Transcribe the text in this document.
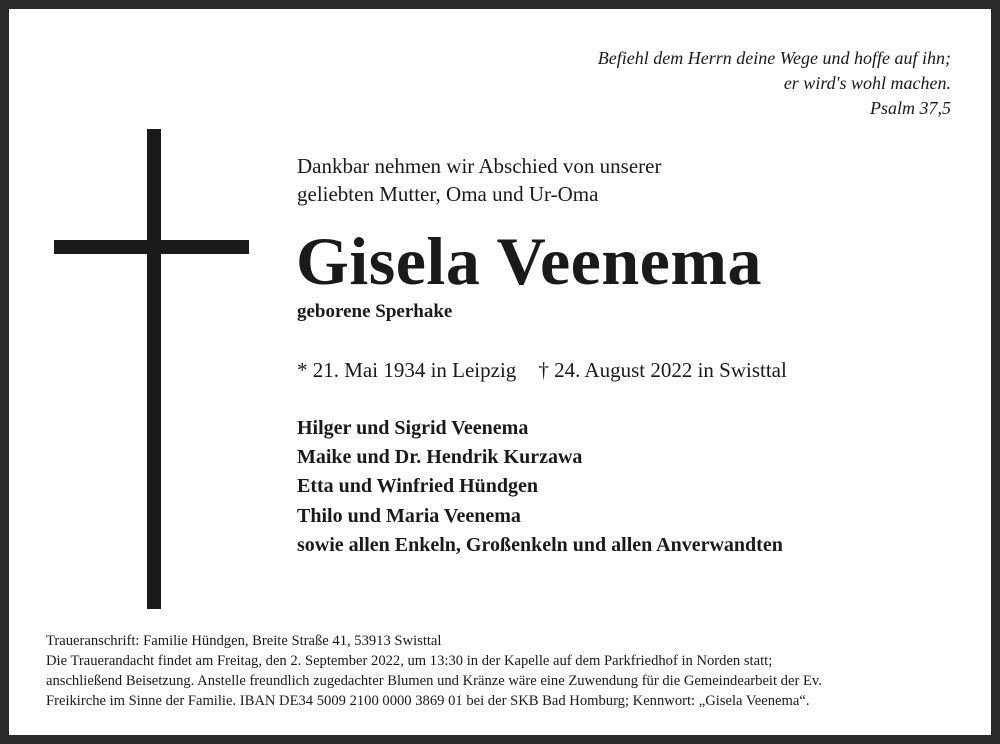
Befiehl dem Herrn deine Wege und hoffe auf ihn;
er wird's wohl machen.
Psalm 37,5
Dankbar nehmen wir Abschied von unserer
geliebten Mutter, Oma und Ur-Oma
Gisela Veenema
geborene Sperhake
* 21. Mai 1934 in Leipzig † 24. August 2022 in Swisttal
Hilger und Sigrid Veenema
Maike und Dr. Hendrik Kurzawa
Etta und Winfried Hündgen
Thilo und Maria Veenema
sowie allen Enkeln, Großenkeln und allen Anverwandten
Traueranschrift: Familie Hündgen, Breite Straße 41, 53913 Swisttal
Die Trauerandacht findet am Freitag, den 2. September 2022, um 13:30 in der Kapelle auf dem Parkfriedhof in Norden statt;
anschließend Beisetzung. Anstelle freundlich zugedachter Blumen und Kränze wäre eine Zuwendung für die Gemeindearbeit der Ev.
Freikirche im Sinne der Familie. IBAN DE34 5009 2100 0000 3869 01 bei der SKB Bad Homburg; Kennwort: „Gisela Veenema“.
